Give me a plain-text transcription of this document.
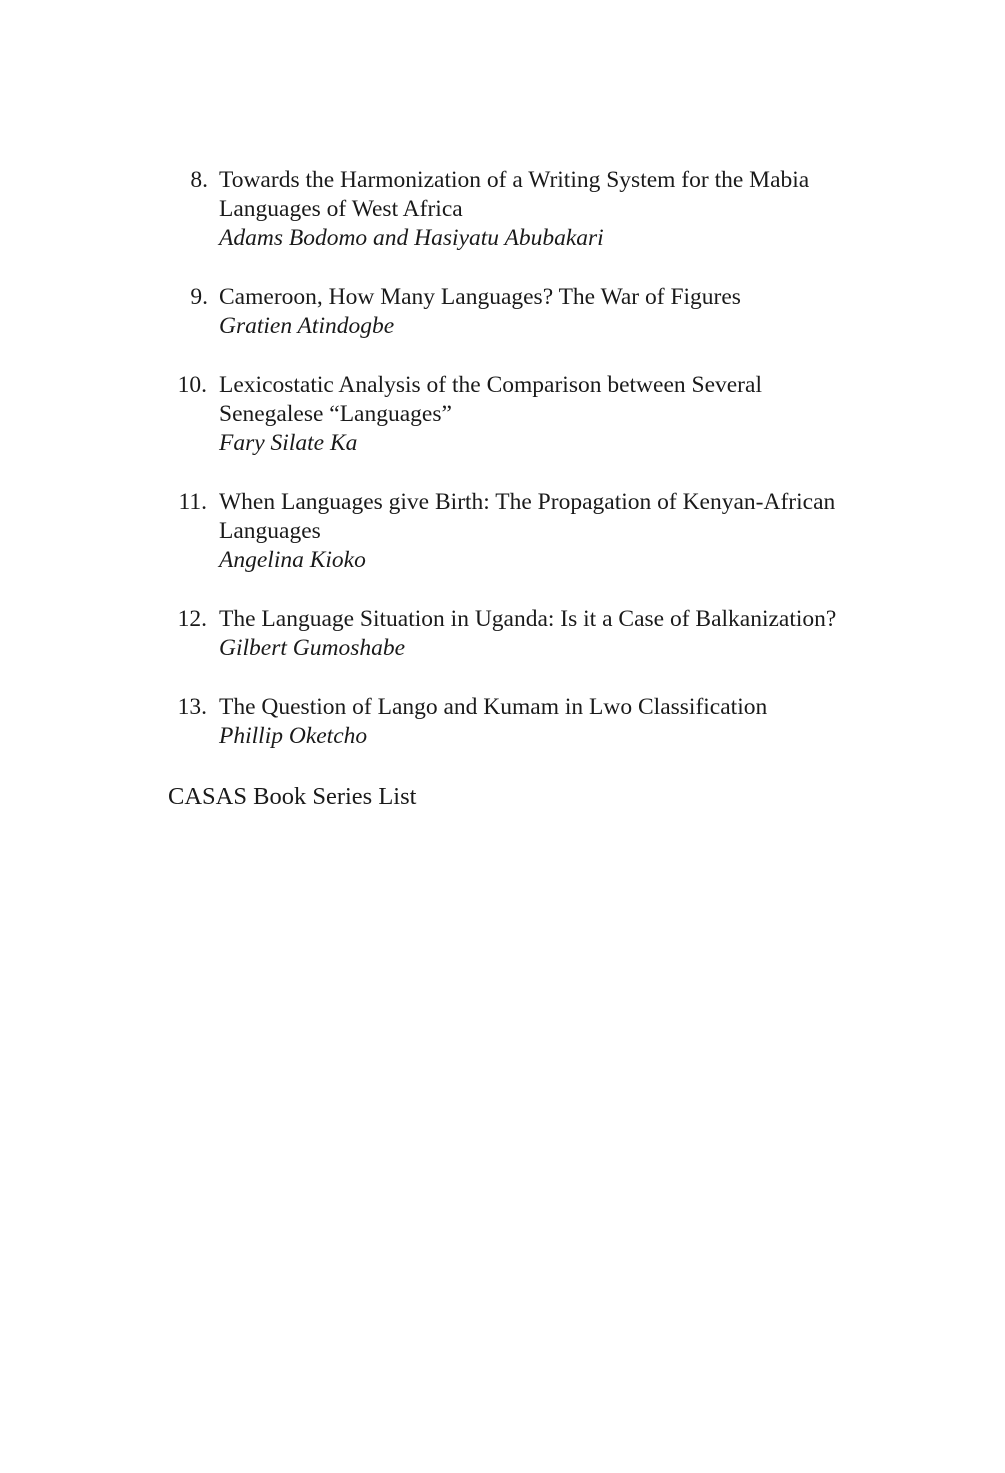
8. Towards the Harmonization of a Writing System for the Mabia Languages of West Africa
Adams Bodomo and Hasiyatu Abubakari
9. Cameroon, How Many Languages? The War of Figures
Gratien Atindogbe
10. Lexicostatic Analysis of the Comparison between Several Senegalese “Languages”
Fary Silate Ka
11. When Languages give Birth: The Propagation of Kenyan-African Languages
Angelina Kioko
12. The Language Situation in Uganda: Is it a Case of Balkanization?
Gilbert Gumoshabe
13. The Question of Lango and Kumam in Lwo Classification
Phillip Oketcho
CASAS Book Series List
